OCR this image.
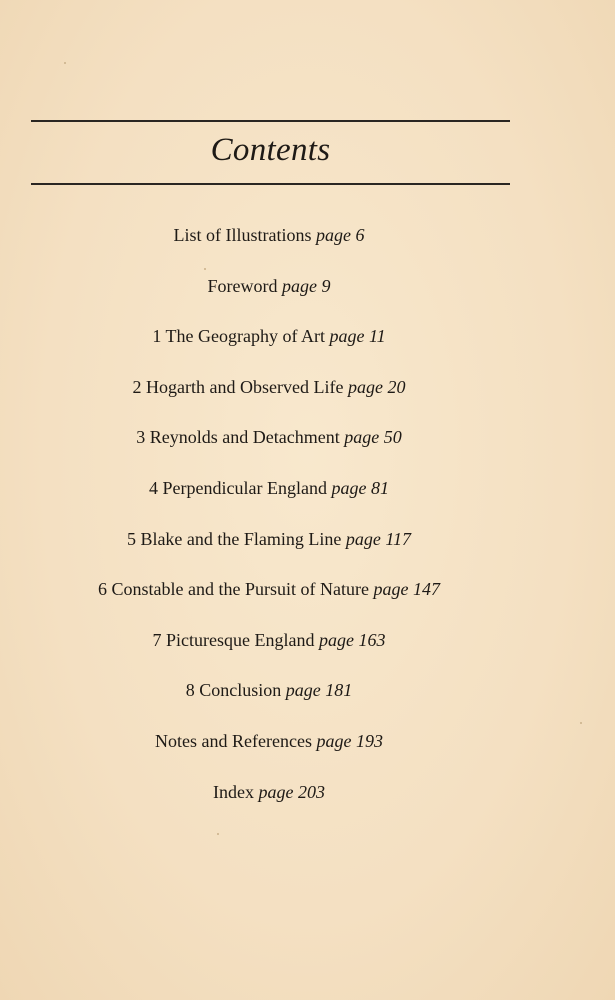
Contents
List of Illustrations page 6
Foreword page 9
1 The Geography of Art page 11
2 Hogarth and Observed Life page 20
3 Reynolds and Detachment page 50
4 Perpendicular England page 81
5 Blake and the Flaming Line page 117
6 Constable and the Pursuit of Nature page 147
7 Picturesque England page 163
8 Conclusion page 181
Notes and References page 193
Index page 203
